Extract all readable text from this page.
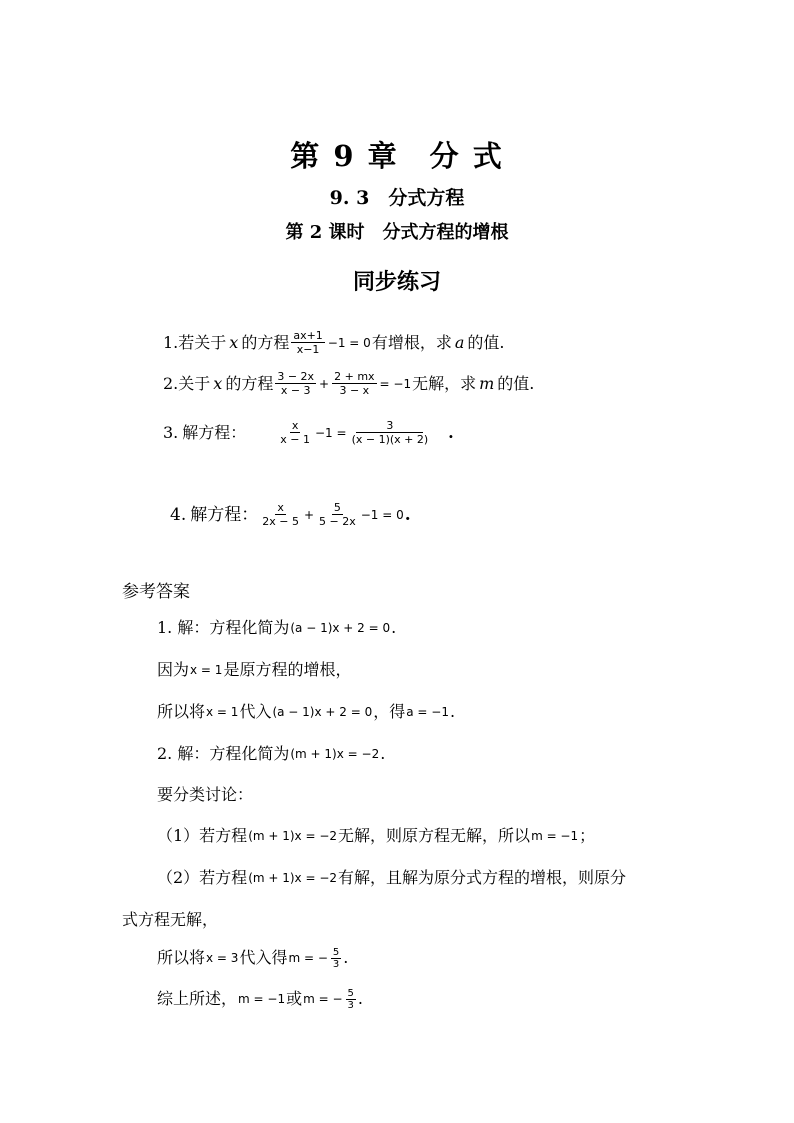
第 9 章　分 式
9. 3　分式方程
第 2 课时　分式方程的增根
同步练习
1. 若关于 x 的方程 $\frac{ax+1}{x-1} -1 = 0$ 有增根，求 a 的值.
2. 关于 x 的方程 $\frac{3 - 2x}{x - 3} + \frac{2 + mx}{3 - x} = -1$ 无解，求 m 的值.
3. 解方程：	$\frac{x}{x - 1} -1 = \frac{3}{(x - 1)(x + 2)}$ .
4. 解方程： $\frac{x}{2x - 5} + \frac{5}{5 - 2x} -1 = 0$ .
参考答案
1. 解：方程化简为 (a − 1)x + 2 = 0 .
因为 x = 1 是原方程的增根，
所以将 x = 1 代入 (a − 1)x + 2 = 0 ，得 a = −1 .
2. 解：方程化简为 (m + 1)x = −2 .
要分类讨论：
（1）若方程 (m + 1)x = −2 无解，则原方程无解，所以 m = −1 ；
（2）若方程 (m + 1)x = −2 有解，且解为原分式方程的增根，则原分
式方程无解，
所以将 x = 3 代入得 m = − $\frac{5}{3}$ .
综上所述， m = −1 或 m = − $\frac{5}{3}$ .
